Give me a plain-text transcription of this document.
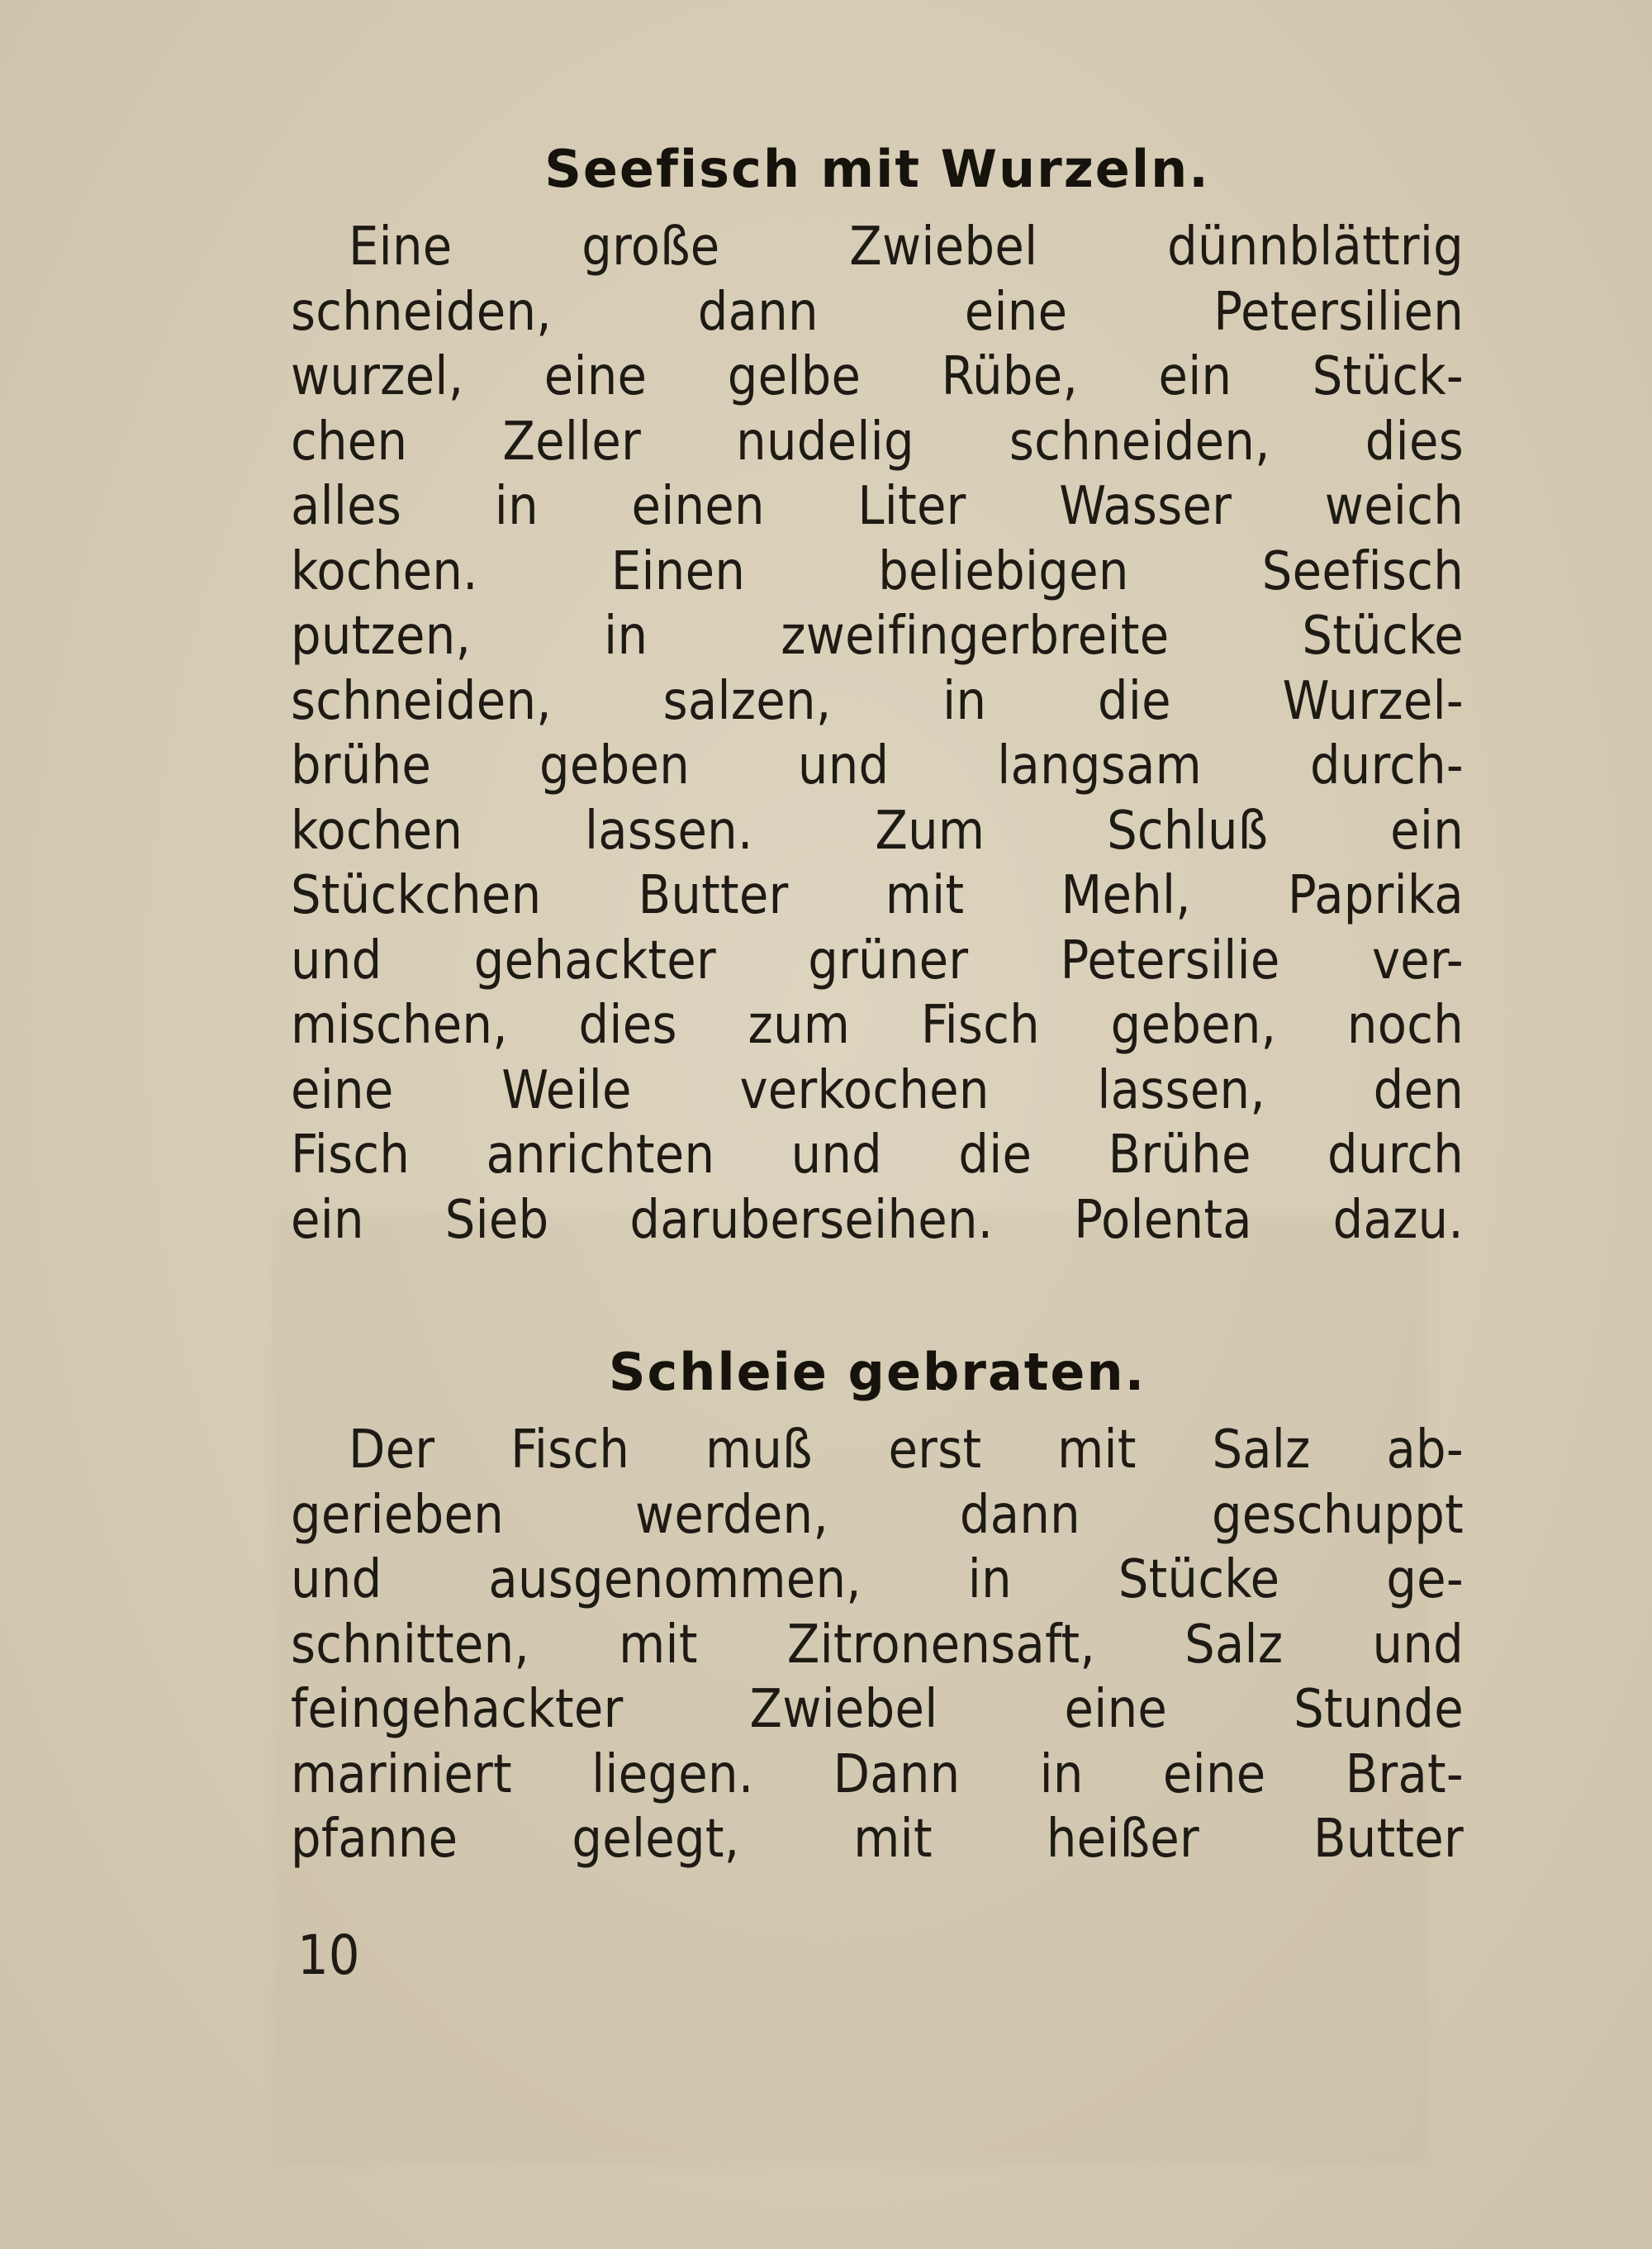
Seefisch mit Wurzeln.
Eine große Zwiebel dünnblättrig
schneiden, dann eine Petersilien
wurzel, eine gelbe Rübe, ein Stück-
chen Zeller nudelig schneiden, dies
alles in einen Liter Wasser weich
kochen. Einen beliebigen Seefisch
putzen, in zweifingerbreite Stücke
schneiden, salzen, in die Wurzel-
brühe geben und langsam durch-
kochen lassen. Zum Schluß ein
Stückchen Butter mit Mehl, Paprika
und gehackter grüner Petersilie ver-
mischen, dies zum Fisch geben, noch
eine Weile verkochen lassen, den
Fisch anrichten und die Brühe durch
ein Sieb daruberseihen. Polenta dazu.
Schleie gebraten.
Der Fisch muß erst mit Salz ab-
gerieben werden, dann geschuppt
und ausgenommen, in Stücke ge-
schnitten, mit Zitronensaft, Salz und
feingehackter Zwiebel eine Stunde
mariniert liegen. Dann in eine Brat-
pfanne gelegt, mit heißer Butter
10
